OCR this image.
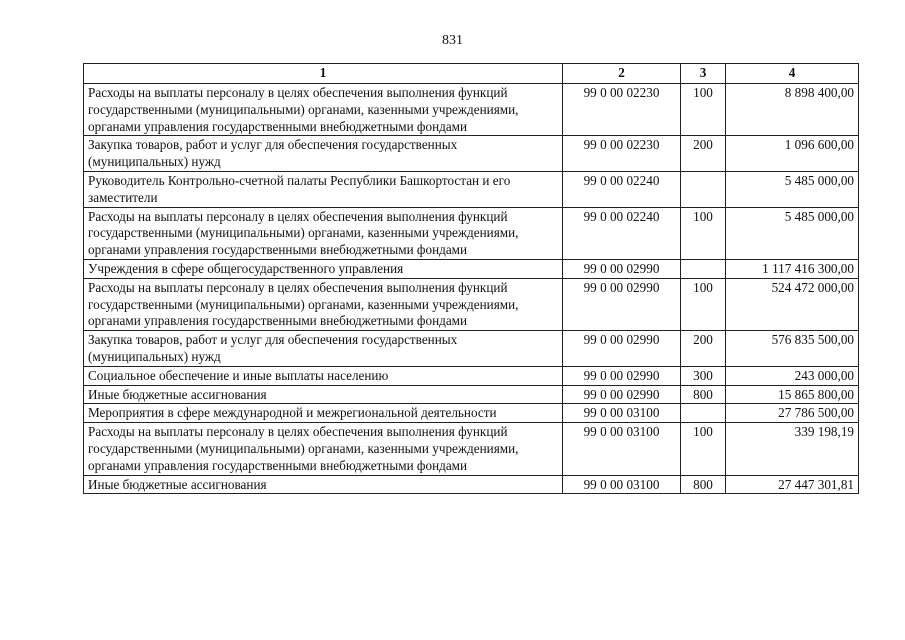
831
1	2	3	4
Расходы на выплаты персоналу в целях обеспечения выполнения функций государственными (муниципальными) органами, казенными учреждениями, органами управления государственными внебюджетными фондами	99 0 00 02230	100	8 898 400,00
Закупка товаров, работ и услуг для обеспечения государственных (муниципальных) нужд	99 0 00 02230	200	1 096 600,00
Руководитель Контрольно-счетной палаты Республики Башкортостан и его заместители	99 0 00 02240		5 485 000,00
Расходы на выплаты персоналу в целях обеспечения выполнения функций государственными (муниципальными) органами, казенными учреждениями, органами управления государственными внебюджетными фондами	99 0 00 02240	100	5 485 000,00
Учреждения в сфере общегосударственного управления	99 0 00 02990		1 117 416 300,00
Расходы на выплаты персоналу в целях обеспечения выполнения функций государственными (муниципальными) органами, казенными учреждениями, органами управления государственными внебюджетными фондами	99 0 00 02990	100	524 472 000,00
Закупка товаров, работ и услуг для обеспечения государственных (муниципальных) нужд	99 0 00 02990	200	576 835 500,00
Социальное обеспечение и иные выплаты населению	99 0 00 02990	300	243 000,00
Иные бюджетные ассигнования	99 0 00 02990	800	15 865 800,00
Мероприятия в сфере международной и межрегиональной деятельности	99 0 00 03100		27 786 500,00
Расходы на выплаты персоналу в целях обеспечения выполнения функций государственными (муниципальными) органами, казенными учреждениями, органами управления государственными внебюджетными фондами	99 0 00 03100	100	339 198,19
Иные бюджетные ассигнования	99 0 00 03100	800	27 447 301,81
